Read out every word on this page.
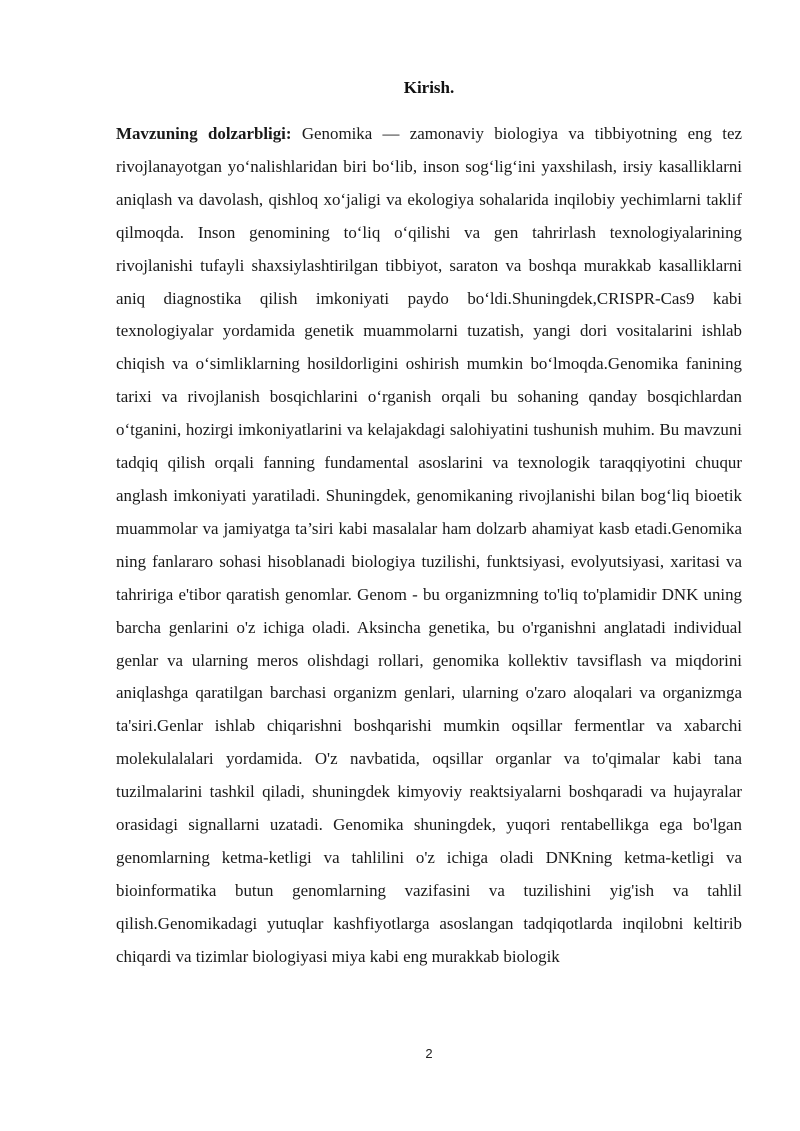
Kirish.

Mavzuning dolzarbligi: Genomika — zamonaviy biologiya va tibbiyotning eng tez rivojlanayotgan yo‘nalishlaridan biri bo‘lib, inson sog‘lig‘ini yaxshilash, irsiy kasalliklarni aniqlash va davolash, qishloq xo‘jaligi va ekologiya sohalarida inqilobiy yechimlarni taklif qilmoqda. Inson genomining to‘liq o‘qilishi va gen tahrirlash texnologiyalarining rivojlanishi tufayli shaxsiylashtirilgan tibbiyot, saraton va boshqa murakkab kasalliklarni aniq diagnostika qilish imkoniyati paydo bo‘ldi.Shuningdek,CRISPR-Cas9 kabi texnologiyalar yordamida genetik muammolarni tuzatish, yangi dori vositalarini ishlab chiqish va o‘simliklarning hosildorligini oshirish mumkin bo‘lmoqda.Genomika fanining tarixi va rivojlanish bosqichlarini o‘rganish orqali bu sohaning qanday bosqichlardan o‘tganini, hozirgi imkoniyatlarini va kelajakdagi salohiyatini tushunish muhim. Bu mavzuni tadqiq qilish orqali fanning fundamental asoslarini va texnologik taraqqiyotini chuqur anglash imkoniyati yaratiladi. Shuningdek, genomikaning rivojlanishi bilan bog‘liq bioetik muammolar va jamiyatga ta’siri kabi masalalar ham dolzarb ahamiyat kasb etadi.Genomika ning fanlararo sohasi hisoblanadi biologiya tuzilishi, funktsiyasi, evolyutsiyasi, xaritasi va tahririga e'tibor qaratish genomlar. Genom - bu organizmning to'liq to'plamidir DNK uning barcha genlarini o'z ichiga oladi. Aksincha genetika, bu o'rganishni anglatadi individual genlar va ularning meros olishdagi rollari, genomika kollektiv tavsiflash va miqdorini aniqlashga qaratilgan barchasi organizm genlari, ularning o'zaro aloqalari va organizmga ta'siri.Genlar ishlab chiqarishni boshqarishi mumkin oqsillar fermentlar va xabarchi molekulalalari yordamida. O'z navbatida, oqsillar organlar va to'qimalar kabi tana tuzilmalarini tashkil qiladi, shuningdek kimyoviy reaktsiyalarni boshqaradi va hujayralar orasidagi signallarni uzatadi. Genomika shuningdek, yuqori rentabellikga ega bo'lgan genomlarning ketma-ketligi va tahlilini o'z ichiga oladi DNKning ketma-ketligi va bioinformatika butun genomlarning vazifasini va tuzilishini yig'ish va tahlil qilish.Genomikadagi yutuqlar kashfiyotlarga asoslangan tadqiqotlarda inqilobni keltirib chiqardi va tizimlar biologiyasi miya kabi eng murakkab biologik

2
